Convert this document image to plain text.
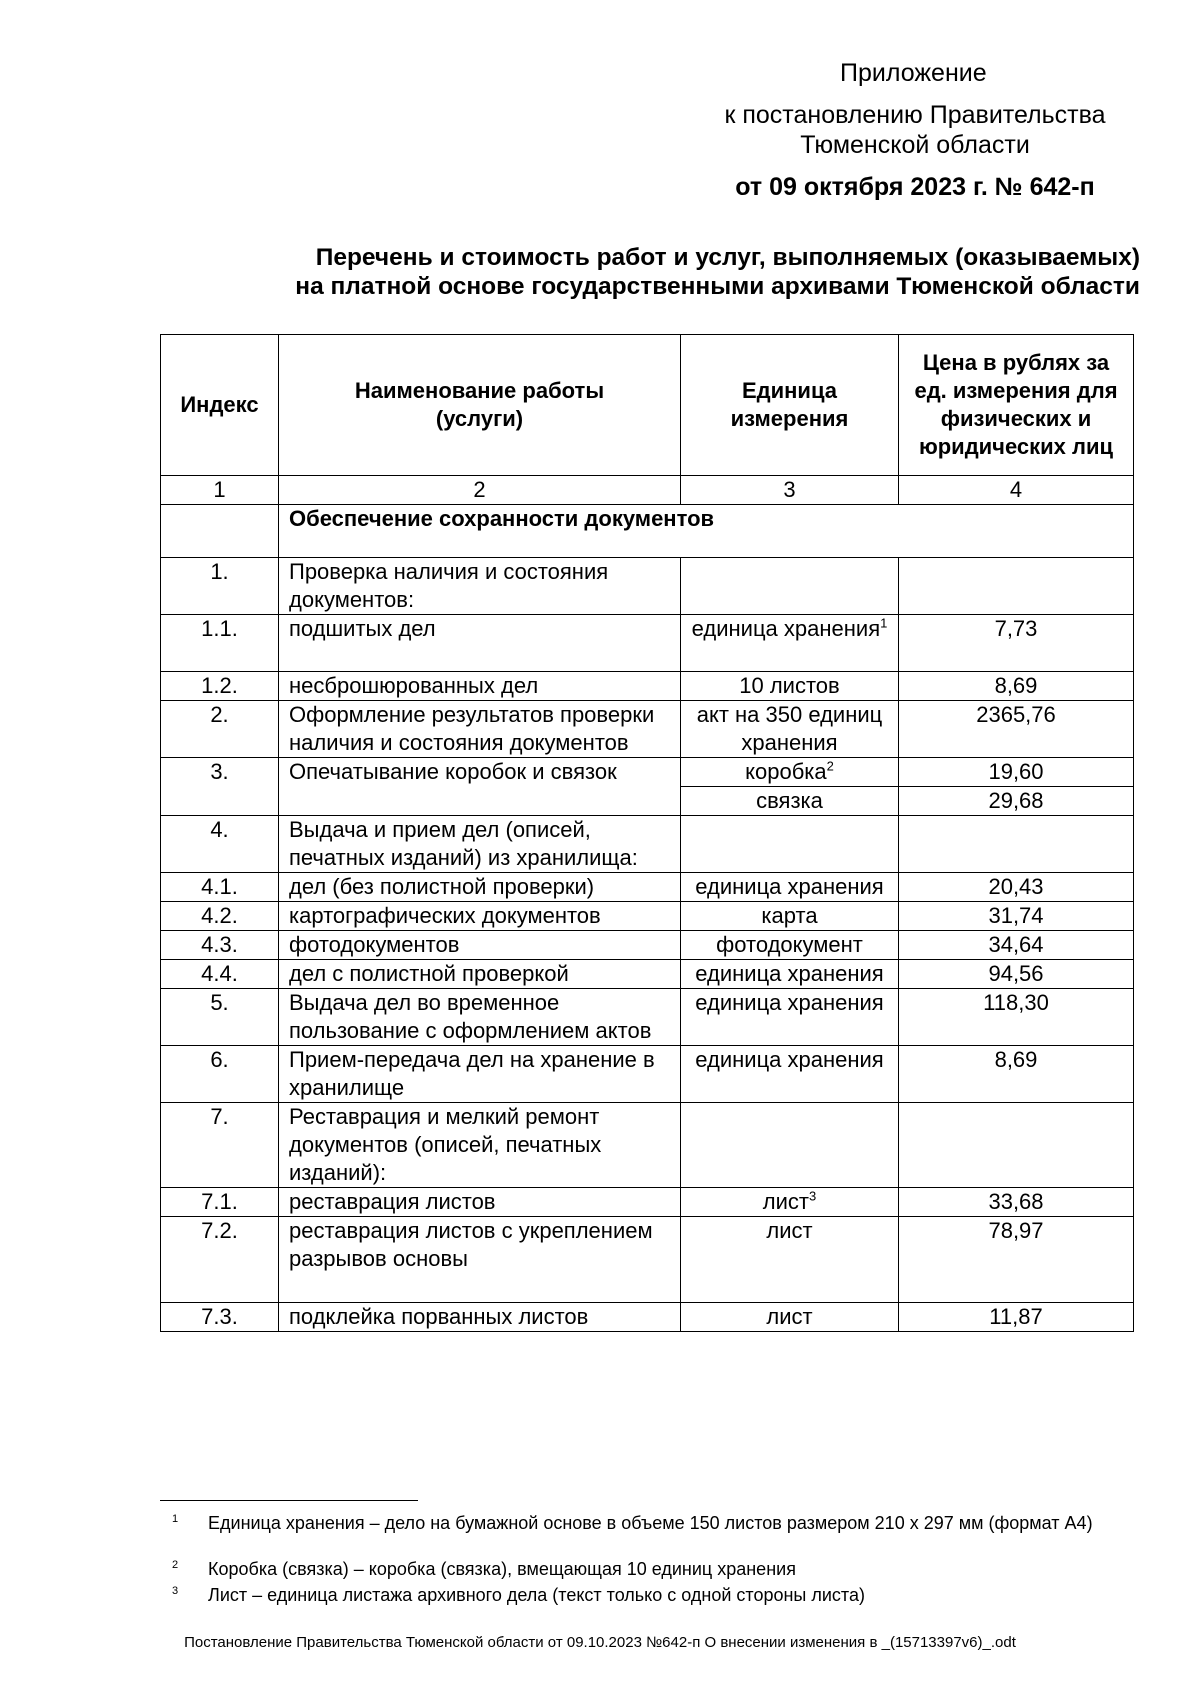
Приложение
к постановлению Правительства
Тюменской области
от 09 октября 2023 г. № 642-п
Перечень и стоимость работ и услуг, выполняемых (оказываемых)
на платной основе государственными архивами Тюменской области
Индекс	Наименование работы (услуги)	Единица измерения	Цена в рублях за ед. измерения для физических и юридических лиц
1	2	3	4
	Обеспечение сохранности документов		
1.	Проверка наличия и состояния документов:		
1.1.	подшитых дел	единица хранения$^1$	7,73
1.2.	несброшюрованных дел	10 листов	8,69
2.	Оформление результатов проверки наличия и состояния документов	акт на 350 единиц хранения	2365,76
3.	Опечатывание коробок и связок	коробка$^2$	19,60
		связка	29,68
4.	Выдача и прием дел (описей, печатных изданий) из хранилища:		
4.1.	дел (без полистной проверки)	единица хранения	20,43
4.2.	картографических документов	карта	31,74
4.3.	фотодокументов	фотодокумент	34,64
4.4.	дел с полистной проверкой	единица хранения	94,56
5.	Выдача дел во временное пользование с оформлением актов	единица хранения	118,30
6.	Прием-передача дел на хранение в хранилище	единица хранения	8,69
7.	Реставрация и мелкий ремонт документов (описей, печатных изданий):		
7.1.	реставрация листов	лист$^3$	33,68
7.2.	реставрация листов с укреплением разрывов основы	лист	78,97
7.3.	подклейка порванных листов	лист	11,87
1	Единица хранения – дело на бумажной основе в объеме 150 листов размером 210 х 297 мм (формат А4)
2	Коробка (связка) – коробка (связка), вмещающая 10 единиц хранения
3	Лист – единица листажа архивного дела (текст только с одной стороны листа)
Постановление Правительства Тюменской области от 09.10.2023 №642-п О внесении изменения в _(15713397v6)_.odt
